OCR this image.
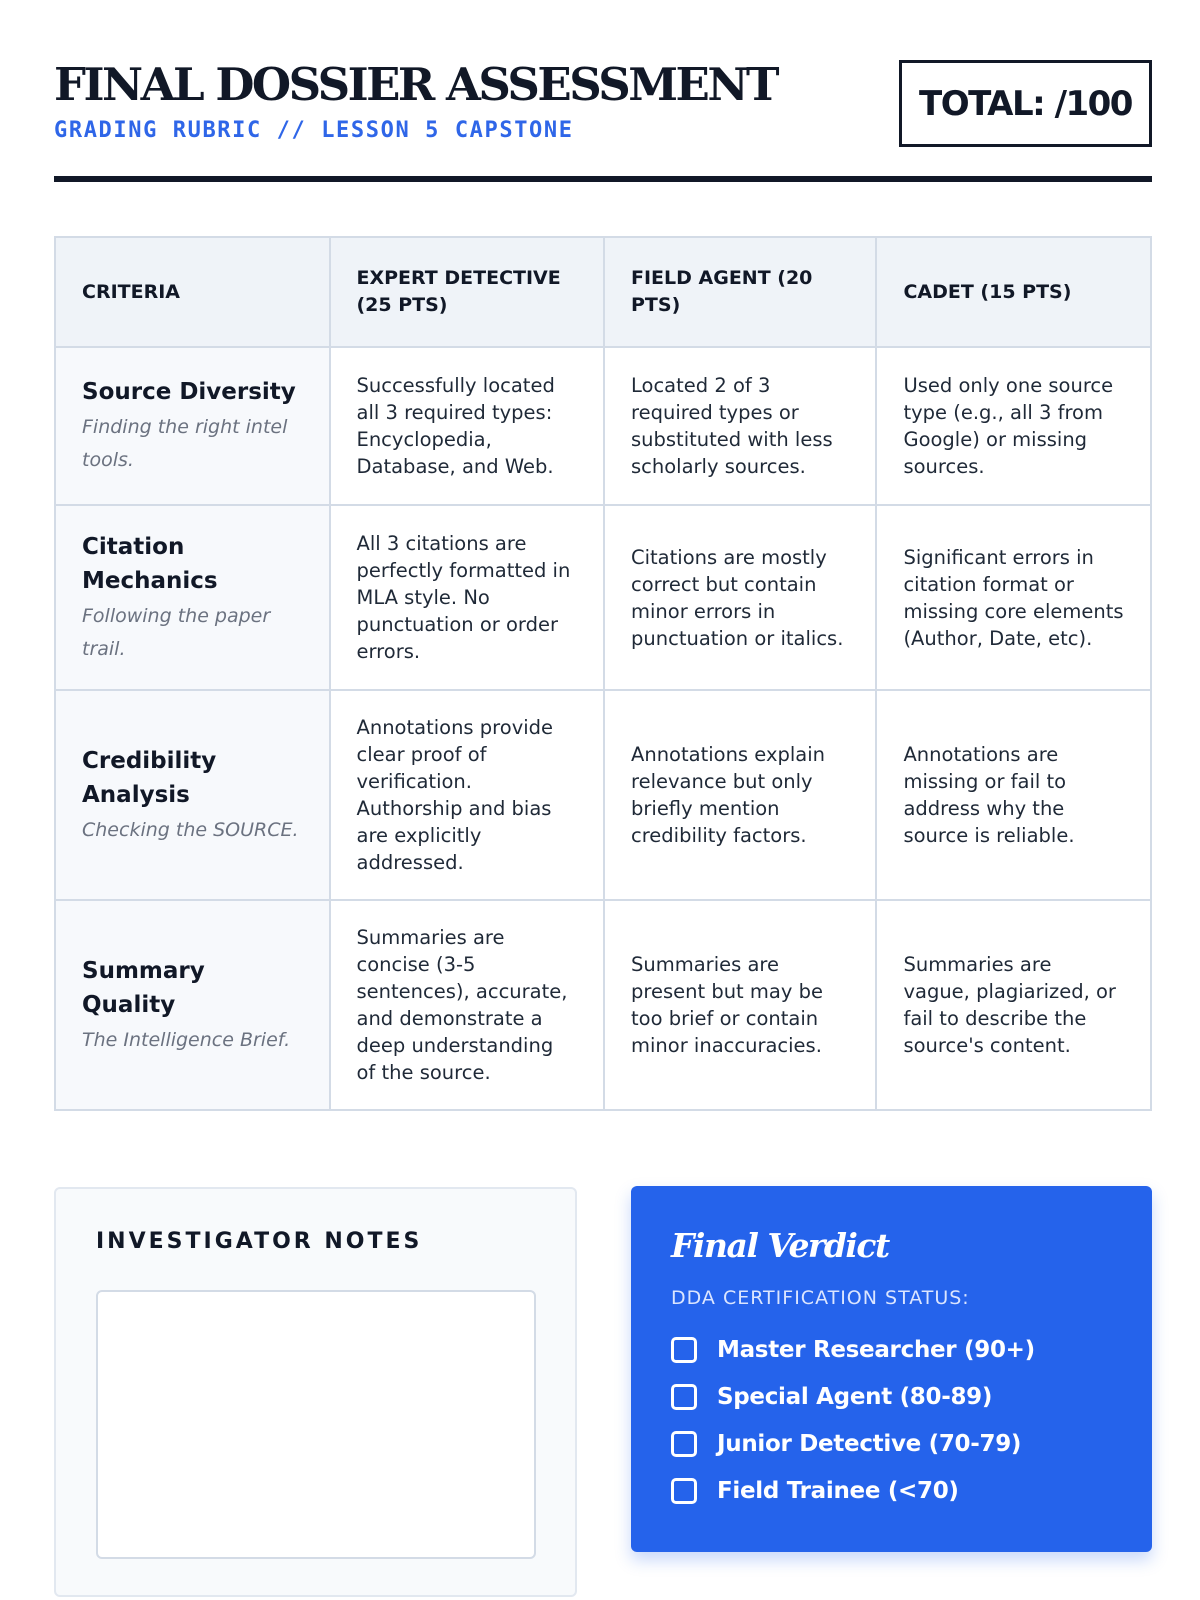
FINAL DOSSIER ASSESSMENT
GRADING RUBRIC // LESSON 5 CAPSTONE
TOTAL: /100
CRITERIA	EXPERT DETECTIVE (25 PTS)	FIELD AGENT (20 PTS)	CADET (15 PTS)

Source Diversity
Finding the right intel tools.	Successfully located all 3 required types: Encyclopedia, Database, and Web.	Located 2 of 3 required types or substituted with less scholarly sources.	Used only one source type (e.g., all 3 from Google) or missing sources.

Citation Mechanics
Following the paper trail.	All 3 citations are perfectly formatted in MLA style. No punctuation or order errors.	Citations are mostly correct but contain minor errors in punctuation or italics.	Significant errors in citation format or missing core elements (Author, Date, etc).

Credibility Analysis
Checking the SOURCE.	Annotations provide clear proof of verification. Authorship and bias are explicitly addressed.	Annotations explain relevance but only briefly mention credibility factors.	Annotations are missing or fail to address why the source is reliable.

Summary Quality
The Intelligence Brief.	Summaries are concise (3-5 sentences), accurate, and demonstrate a deep understanding of the source.	Summaries are present but may be too brief or contain minor inaccuracies.	Summaries are vague, plagiarized, or fail to describe the source's content.
INVESTIGATOR NOTES	Final Verdict
DDA CERTIFICATION STATUS:
Master Researcher (90+)
Special Agent (80-89)
Junior Detective (70-79)
Field Trainee (<70)
